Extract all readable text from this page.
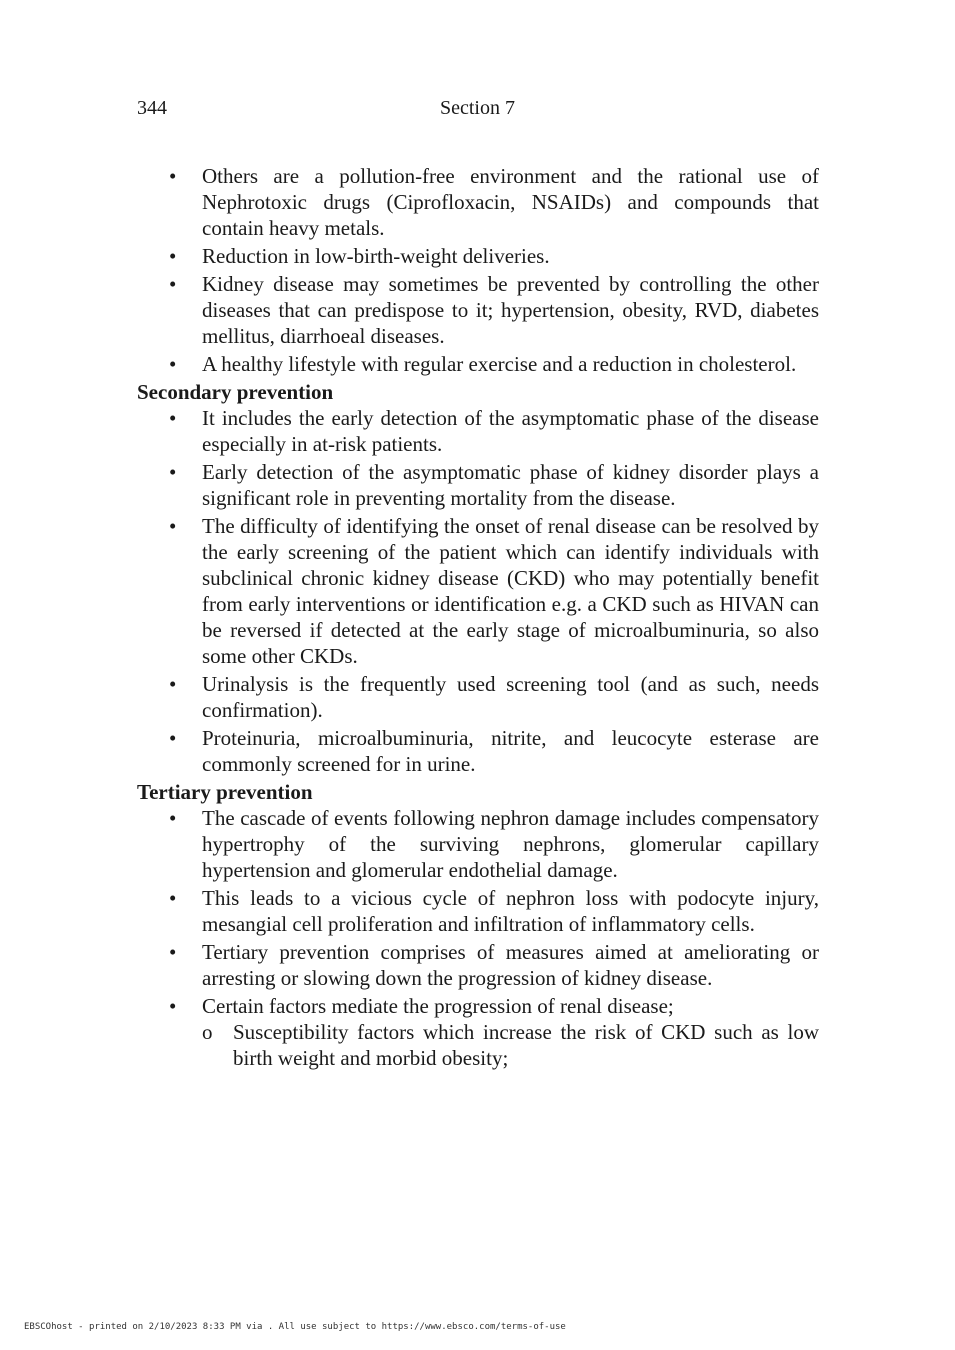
344	Section 7
• Others are a pollution-free environment and the rational use of Nephrotoxic drugs (Ciprofloxacin, NSAIDs) and compounds that contain heavy metals.
• Reduction in low-birth-weight deliveries.
• Kidney disease may sometimes be prevented by controlling the other diseases that can predispose to it; hypertension, obesity, RVD, diabetes mellitus, diarrhoeal diseases.
• A healthy lifestyle with regular exercise and a reduction in cholesterol.
Secondary prevention
• It includes the early detection of the asymptomatic phase of the disease especially in at-risk patients.
• Early detection of the asymptomatic phase of kidney disorder plays a significant role in preventing mortality from the disease.
• The difficulty of identifying the onset of renal disease can be resolved by the early screening of the patient which can identify individuals with subclinical chronic kidney disease (CKD) who may potentially benefit from early interventions or identification e.g. a CKD such as HIVAN can be reversed if detected at the early stage of microalbuminuria, so also some other CKDs.
• Urinalysis is the frequently used screening tool (and as such, needs confirmation).
• Proteinuria, microalbuminuria, nitrite, and leucocyte esterase are commonly screened for in urine.
Tertiary prevention
• The cascade of events following nephron damage includes compensatory hypertrophy of the surviving nephrons, glomerular capillary hypertension and glomerular endothelial damage.
• This leads to a vicious cycle of nephron loss with podocyte injury, mesangial cell proliferation and infiltration of inflammatory cells.
• Tertiary prevention comprises of measures aimed at ameliorating or arresting or slowing down the progression of kidney disease.
• Certain factors mediate the progression of renal disease;
o Susceptibility factors which increase the risk of CKD such as low birth weight and morbid obesity;
EBSCOhost - printed on 2/10/2023 8:33 PM via . All use subject to https://www.ebsco.com/terms-of-use
